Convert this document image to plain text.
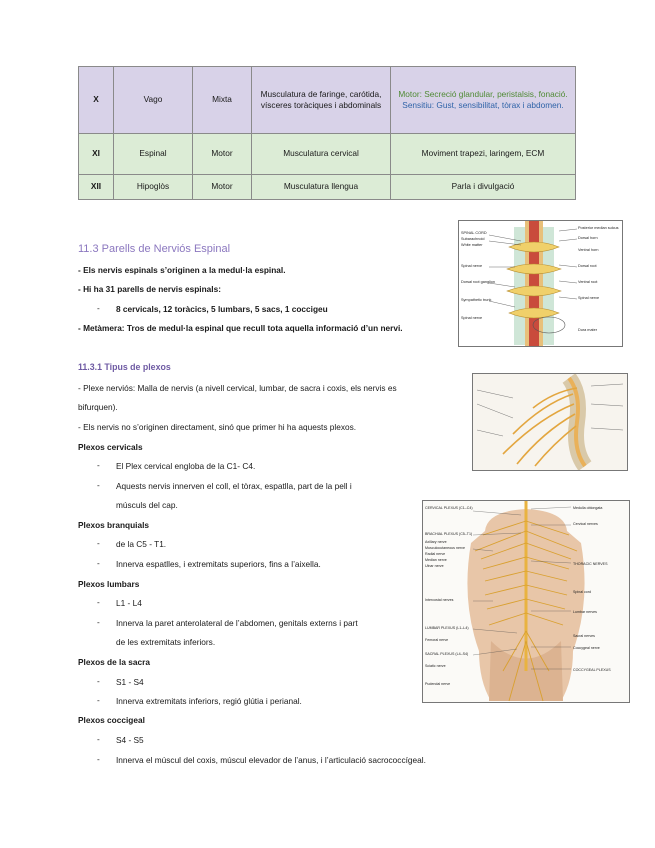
X	Vago	Mixta	Musculatura de faringe, carótida, vísceres toràciques i abdominals	Motor: Secreció glandular, peristalsis, fonació.
Sensitiu: Gust, sensibilitat, tòrax i abdomen.

XI	Espinal	Motor	Musculatura cervical	Moviment trapezi, laringem, ECM
XII	Hipoglòs	Motor	Musculatura llengua	Parla i divulgació
11.3 Parells de Nerviós Espinal
- Els nervis espinals s’originen a la medul·la espinal.
- Hi ha 31 parells de nervis espinals:
- 8 cervicals, 12 toràcics, 5 lumbars, 5 sacs, 1 coccigeu
- Metàmera: Tros de medul·la espinal que recull tota aquella informació d’un nervi.
SPINAL CORD
Subarachnoid
White matter
Spinal nerve
Dorsal root ganglion
Sympathetic trunk
Spinal nerve
Posterior median sulcus
Dorsal horn
Ventral horn
Dorsal root
Ventral root
Spinal nerve
Dura mater
11.3.1 Tipus de plexos
- Plexe nerviós: Malla de nervis (a nivell cervical, lumbar, de sacra i coxis, els nervis es
bifurquen).
- Els nervis no s’originen directament, sinó que primer hi ha aquests plexos.
Plexos cervicals
- El Plex cervical engloba de la C1- C4.
- Aquests nervis innerven el coll, el tòrax, espatlla, part de la pell i
músculs del cap.
Plexos branquials
- de la C5 - T1.
- Innerva espatlles, i extremitats superiors, fins a l’aixella.
Plexos lumbars
- L1 - L4
- Innerva la paret anterolateral de l’abdomen, genitals externs i part
de les extremitats inferiors.
Plexos de la sacra
- S1 - S4
- Innerva extremitats inferiors, regió glútia i perianal.
Plexos coccigeal
- S4 - S5
- Innerva el múscul del coxis, múscul elevador de l’anus, i l’articulació sacrococcígeal.
CERVICAL PLEXUS (C1–C4)
BRACHIAL PLEXUS (C5–T1)
Axillary nerve
Musculocutaneous nerve
Radial nerve
Median nerve
Ulnar nerve
Intercostal nerves
LUMBAR PLEXUS (L1–L4)
Femoral nerve
SACRAL PLEXUS (L4–S4)
Sciatic nerve
Pudendal nerve
Medulla oblongata
Cervical nerves
THORACIC NERVES
Spinal cord
Lumbar nerves
Sacral nerves
Coccygeal nerve
COCCYGEAL PLEXUS
